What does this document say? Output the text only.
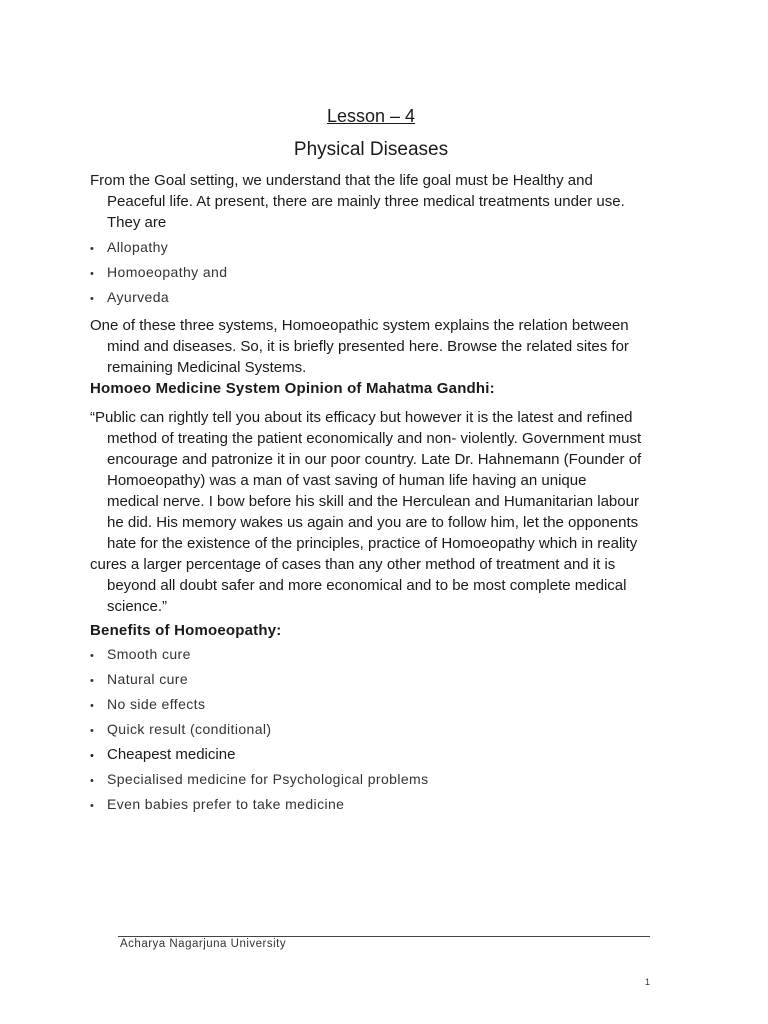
Lesson – 4
Physical Diseases

From the Goal setting, we understand that the life goal must be Healthy and
Peaceful life. At present, there are mainly three medical treatments under use.
They are

• Allopathy
• Homoeopathy and
• Ayurveda

One of these three systems, Homoeopathic system explains the relation between
mind and diseases. So, it is briefly presented here. Browse the related sites for
remaining Medicinal Systems.

Homoeo Medicine System Opinion of Mahatma Gandhi:

“Public can rightly tell you about its efficacy but however it is the latest and refined
method of treating the patient economically and non- violently. Government must
encourage and patronize it in our poor country. Late Dr. Hahnemann (Founder of
Homoeopathy) was a man of vast saving of human life having an unique
medical nerve. I bow before his skill and the Herculean and Humanitarian labour
he did. His memory wakes us again and you are to follow him, let the opponents
hate for the existence of the principles, practice of Homoeopathy which in reality
cures a larger percentage of cases than any other method of treatment and it is
beyond all doubt safer and more economical and to be most complete medical
science.”

Benefits of Homoeopathy:

• Smooth cure
• Natural cure
• No side effects
• Quick result (conditional)
• Cheapest medicine
• Specialised medicine for Psychological problems
• Even babies prefer to take medicine
Acharya Nagarjuna University
1
